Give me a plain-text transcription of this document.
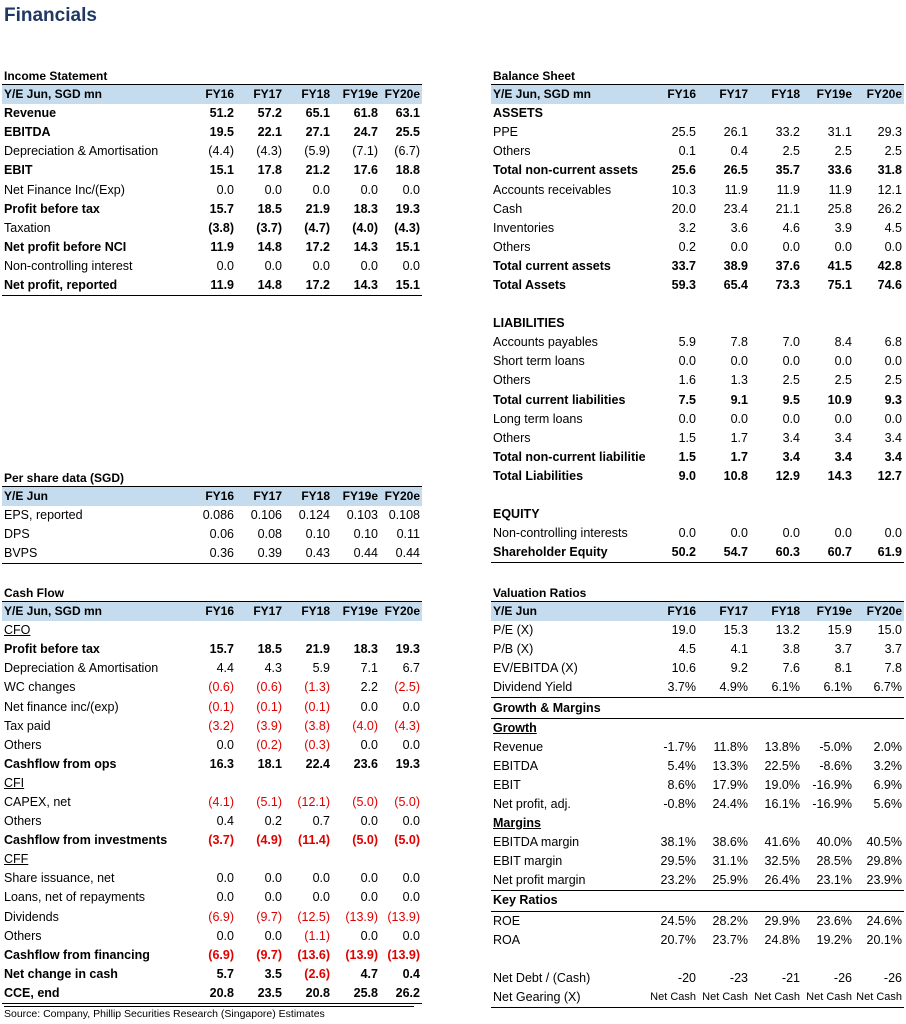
Financials
Income Statement
Y/E Jun, SGD mn	FY16	FY17	FY18	FY19e	FY20e
Revenue	51.2	57.2	65.1	61.8	63.1
EBITDA	19.5	22.1	27.1	24.7	25.5
Depreciation & Amortisation	(4.4)	(4.3)	(5.9)	(7.1)	(6.7)
EBIT	15.1	17.8	21.2	17.6	18.8
Net Finance Inc/(Exp)	0.0	0.0	0.0	0.0	0.0
Profit before tax	15.7	18.5	21.9	18.3	19.3
Taxation	(3.8)	(3.7)	(4.7)	(4.0)	(4.3)
Net profit before NCI	11.9	14.8	17.2	14.3	15.1
Non-controlling interest	0.0	0.0	0.0	0.0	0.0
Net profit, reported	11.9	14.8	17.2	14.3	15.1
Per share data (SGD)
Y/E Jun	FY16	FY17	FY18	FY19e	FY20e
EPS, reported	0.086	0.106	0.124	0.103	0.108
DPS	0.06	0.08	0.10	0.10	0.11
BVPS	0.36	0.39	0.43	0.44	0.44
Cash Flow
Y/E Jun, SGD mn	FY16	FY17	FY18	FY19e	FY20e
CFO					
Profit before tax	15.7	18.5	21.9	18.3	19.3
Depreciation & Amortisation	4.4	4.3	5.9	7.1	6.7
WC changes	(0.6)	(0.6)	(1.3)	2.2	(2.5)
Net finance inc/(exp)	(0.1)	(0.1)	(0.1)	0.0	0.0
Tax paid	(3.2)	(3.9)	(3.8)	(4.0)	(4.3)
Others	0.0	(0.2)	(0.3)	0.0	0.0
Cashflow from ops	16.3	18.1	22.4	23.6	19.3
CFI					
CAPEX, net	(4.1)	(5.1)	(12.1)	(5.0)	(5.0)
Others	0.4	0.2	0.7	0.0	0.0
Cashflow from investments	(3.7)	(4.9)	(11.4)	(5.0)	(5.0)
CFF					
Share issuance, net	0.0	0.0	0.0	0.0	0.0
Loans, net of repayments	0.0	0.0	0.0	0.0	0.0
Dividends	(6.9)	(9.7)	(12.5)	(13.9)	(13.9)
Others	0.0	0.0	(1.1)	0.0	0.0
Cashflow from financing	(6.9)	(9.7)	(13.6)	(13.9)	(13.9)
Net change in cash	5.7	3.5	(2.6)	4.7	0.4
CCE, end	20.8	23.5	20.8	25.8	26.2
Balance Sheet
Y/E Jun, SGD mn	FY16	FY17	FY18	FY19e	FY20e
ASSETS					
PPE	25.5	26.1	33.2	31.1	29.3
Others	0.1	0.4	2.5	2.5	2.5
Total non-current assets	25.6	26.5	35.7	33.6	31.8
Accounts receivables	10.3	11.9	11.9	11.9	12.1
Cash	20.0	23.4	21.1	25.8	26.2
Inventories	3.2	3.6	4.6	3.9	4.5
Others	0.2	0.0	0.0	0.0	0.0
Total current assets	33.7	38.9	37.6	41.5	42.8
Total Assets	59.3	65.4	73.3	75.1	74.6

LIABILITIES					
Accounts payables	5.9	7.8	7.0	8.4	6.8
Short term loans	0.0	0.0	0.0	0.0	0.0
Others	1.6	1.3	2.5	2.5	2.5
Total current liabilities	7.5	9.1	9.5	10.9	9.3
Long term loans	0.0	0.0	0.0	0.0	0.0
Others	1.5	1.7	3.4	3.4	3.4
Total non-current liabilitie	1.5	1.7	3.4	3.4	3.4
Total Liabilities	9.0	10.8	12.9	14.3	12.7

EQUITY					
Non-controlling interests	0.0	0.0	0.0	0.0	0.0
Shareholder Equity	50.2	54.7	60.3	60.7	61.9
Valuation Ratios
Y/E Jun	FY16	FY17	FY18	FY19e	FY20e
P/E (X)	19.0	15.3	13.2	15.9	15.0
P/B (X)	4.5	4.1	3.8	3.7	3.7
EV/EBITDA (X)	10.6	9.2	7.6	8.1	7.8
Dividend Yield	3.7%	4.9%	6.1%	6.1%	6.7%
Growth & Margins					
Growth					
Revenue	-1.7%	11.8%	13.8%	-5.0%	2.0%
EBITDA	5.4%	13.3%	22.5%	-8.6%	3.2%
EBIT	8.6%	17.9%	19.0%	-16.9%	6.9%
Net profit, adj.	-0.8%	24.4%	16.1%	-16.9%	5.6%
Margins					
EBITDA margin	38.1%	38.6%	41.6%	40.0%	40.5%
EBIT margin	29.5%	31.1%	32.5%	28.5%	29.8%
Net profit margin	23.2%	25.9%	26.4%	23.1%	23.9%
Key Ratios					
ROE	24.5%	28.2%	29.9%	23.6%	24.6%
ROA	20.7%	23.7%	24.8%	19.2%	20.1%

Net Debt / (Cash)	-20	-23	-21	-26	-26
Net Gearing (X)	Net Cash	Net Cash	Net Cash	Net Cash	Net Cash
Source: Company, Phillip Securities Research (Singapore) Estimates
